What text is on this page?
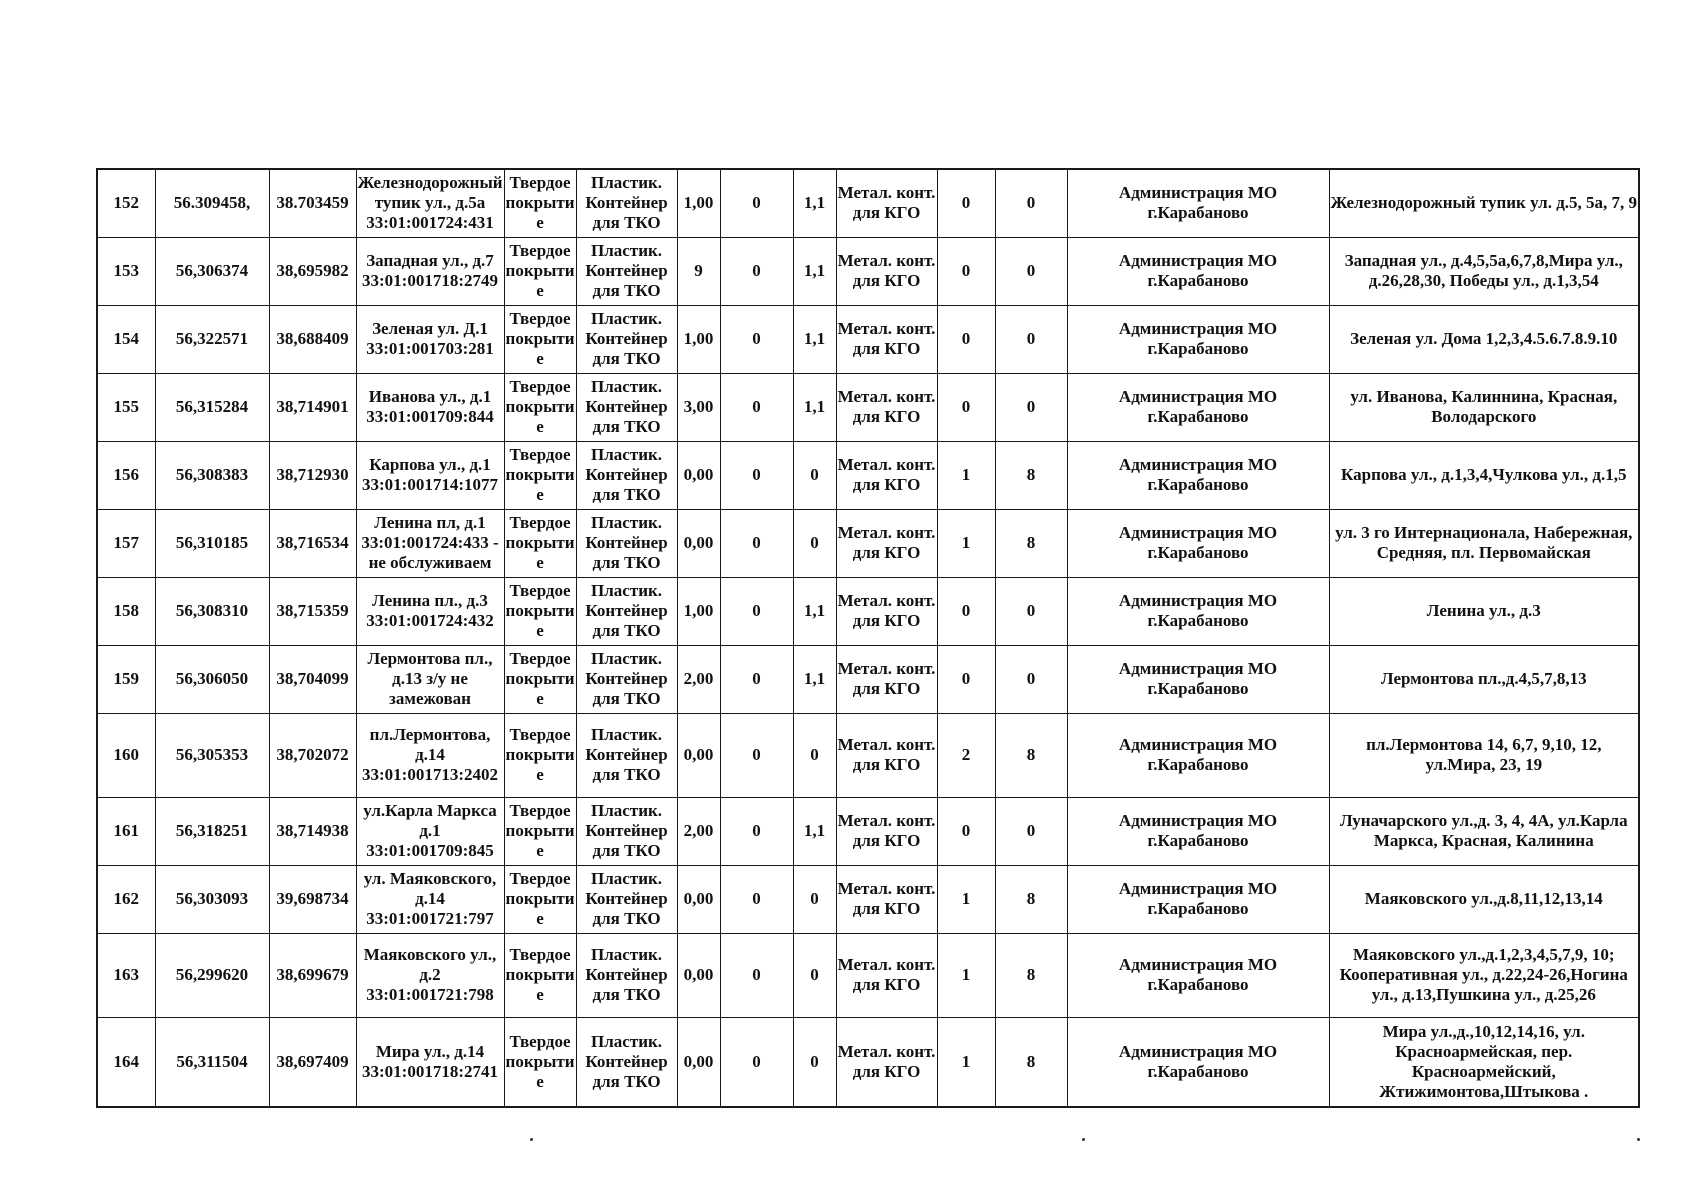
152	56.309458,	38.703459	Железнодорожный тупик ул., д.5а 33:01:001724:431	Твердое покрытие	Пластик. Контейнер для ТКО	1,00	0	1,1	Метал. конт. для КГО	0	0	Администрация МО г.Карабаново	Железнодорожный тупик ул. д.5, 5а, 7, 9
153	56,306374	38,695982	Западная ул., д.7 33:01:001718:2749	Твердое покрытие	Пластик. Контейнер для ТКО	9	0	1,1	Метал. конт. для КГО	0	0	Администрация МО г.Карабаново	Западная ул., д.4,5,5а,6,7,8,Мира ул., д.26,28,30, Победы ул., д.1,3,54
154	56,322571	38,688409	Зеленая ул. Д.1 33:01:001703:281	Твердое покрытие	Пластик. Контейнер для ТКО	1,00	0	1,1	Метал. конт. для КГО	0	0	Администрация МО г.Карабаново	Зеленая ул. Дома 1,2,3,4.5.6.7.8.9.10
155	56,315284	38,714901	Иванова ул., д.1 33:01:001709:844	Твердое покрытие	Пластик. Контейнер для ТКО	3,00	0	1,1	Метал. конт. для КГО	0	0	Администрация МО г.Карабаново	ул. Иванова, Калиннина, Красная, Володарского
156	56,308383	38,712930	Карпова ул., д.1 33:01:001714:1077	Твердое покрытие	Пластик. Контейнер для ТКО	0,00	0	0	Метал. конт. для КГО	1	8	Администрация МО г.Карабаново	Карпова ул., д.1,3,4,Чулкова ул., д.1,5
157	56,310185	38,716534	Ленина пл, д.1 33:01:001724:433 - не обслуживаем	Твердое покрытие	Пластик. Контейнер для ТКО	0,00	0	0	Метал. конт. для КГО	1	8	Администрация МО г.Карабаново	ул. 3 го Интернационала, Набережная, Средняя, пл. Первомайская
158	56,308310	38,715359	Ленина пл., д.3 33:01:001724:432	Твердое покрытие	Пластик. Контейнер для ТКО	1,00	0	1,1	Метал. конт. для КГО	0	0	Администрация МО г.Карабаново	Ленина ул., д.3
159	56,306050	38,704099	Лермонтова пл., д.13 з/у не замежован	Твердое покрытие	Пластик. Контейнер для ТКО	2,00	0	1,1	Метал. конт. для КГО	0	0	Администрация МО г.Карабаново	Лермонтова пл.,д.4,5,7,8,13
160	56,305353	38,702072	пл.Лермонтова, д.14 33:01:001713:2402	Твердое покрытие	Пластик. Контейнер для ТКО	0,00	0	0	Метал. конт. для КГО	2	8	Администрация МО г.Карабаново	пл.Лермонтова 14, 6,7, 9,10, 12, ул.Мира, 23, 19
161	56,318251	38,714938	ул.Карла Маркса д.1 33:01:001709:845	Твердое покрытие	Пластик. Контейнер для ТКО	2,00	0	1,1	Метал. конт. для КГО	0	0	Администрация МО г.Карабаново	Луначарского ул.,д. 3, 4, 4А, ул.Карла Маркса, Красная, Калинина
162	56,303093	39,698734	ул. Маяковского, д.14 33:01:001721:797	Твердое покрытие	Пластик. Контейнер для ТКО	0,00	0	0	Метал. конт. для КГО	1	8	Администрация МО г.Карабаново	Маяковского ул.,д.8,11,12,13,14
163	56,299620	38,699679	Маяковского ул., д.2 33:01:001721:798	Твердое покрытие	Пластик. Контейнер для ТКО	0,00	0	0	Метал. конт. для КГО	1	8	Администрация МО г.Карабаново	Маяковского ул.,д.1,2,3,4,5,7,9, 10; Кооперативная ул., д.22,24-26,Ногина ул., д.13,Пушкина ул., д.25,26
164	56,311504	38,697409	Мира ул., д.14 33:01:001718:2741	Твердое покрытие	Пластик. Контейнер для ТКО	0,00	0	0	Метал. конт. для КГО	1	8	Администрация МО г.Карабаново	Мира ул.,д.,10,12,14,16, ул. Красноармейская, пер. Красноармейский, Жтижимонтова,Штыкова .
